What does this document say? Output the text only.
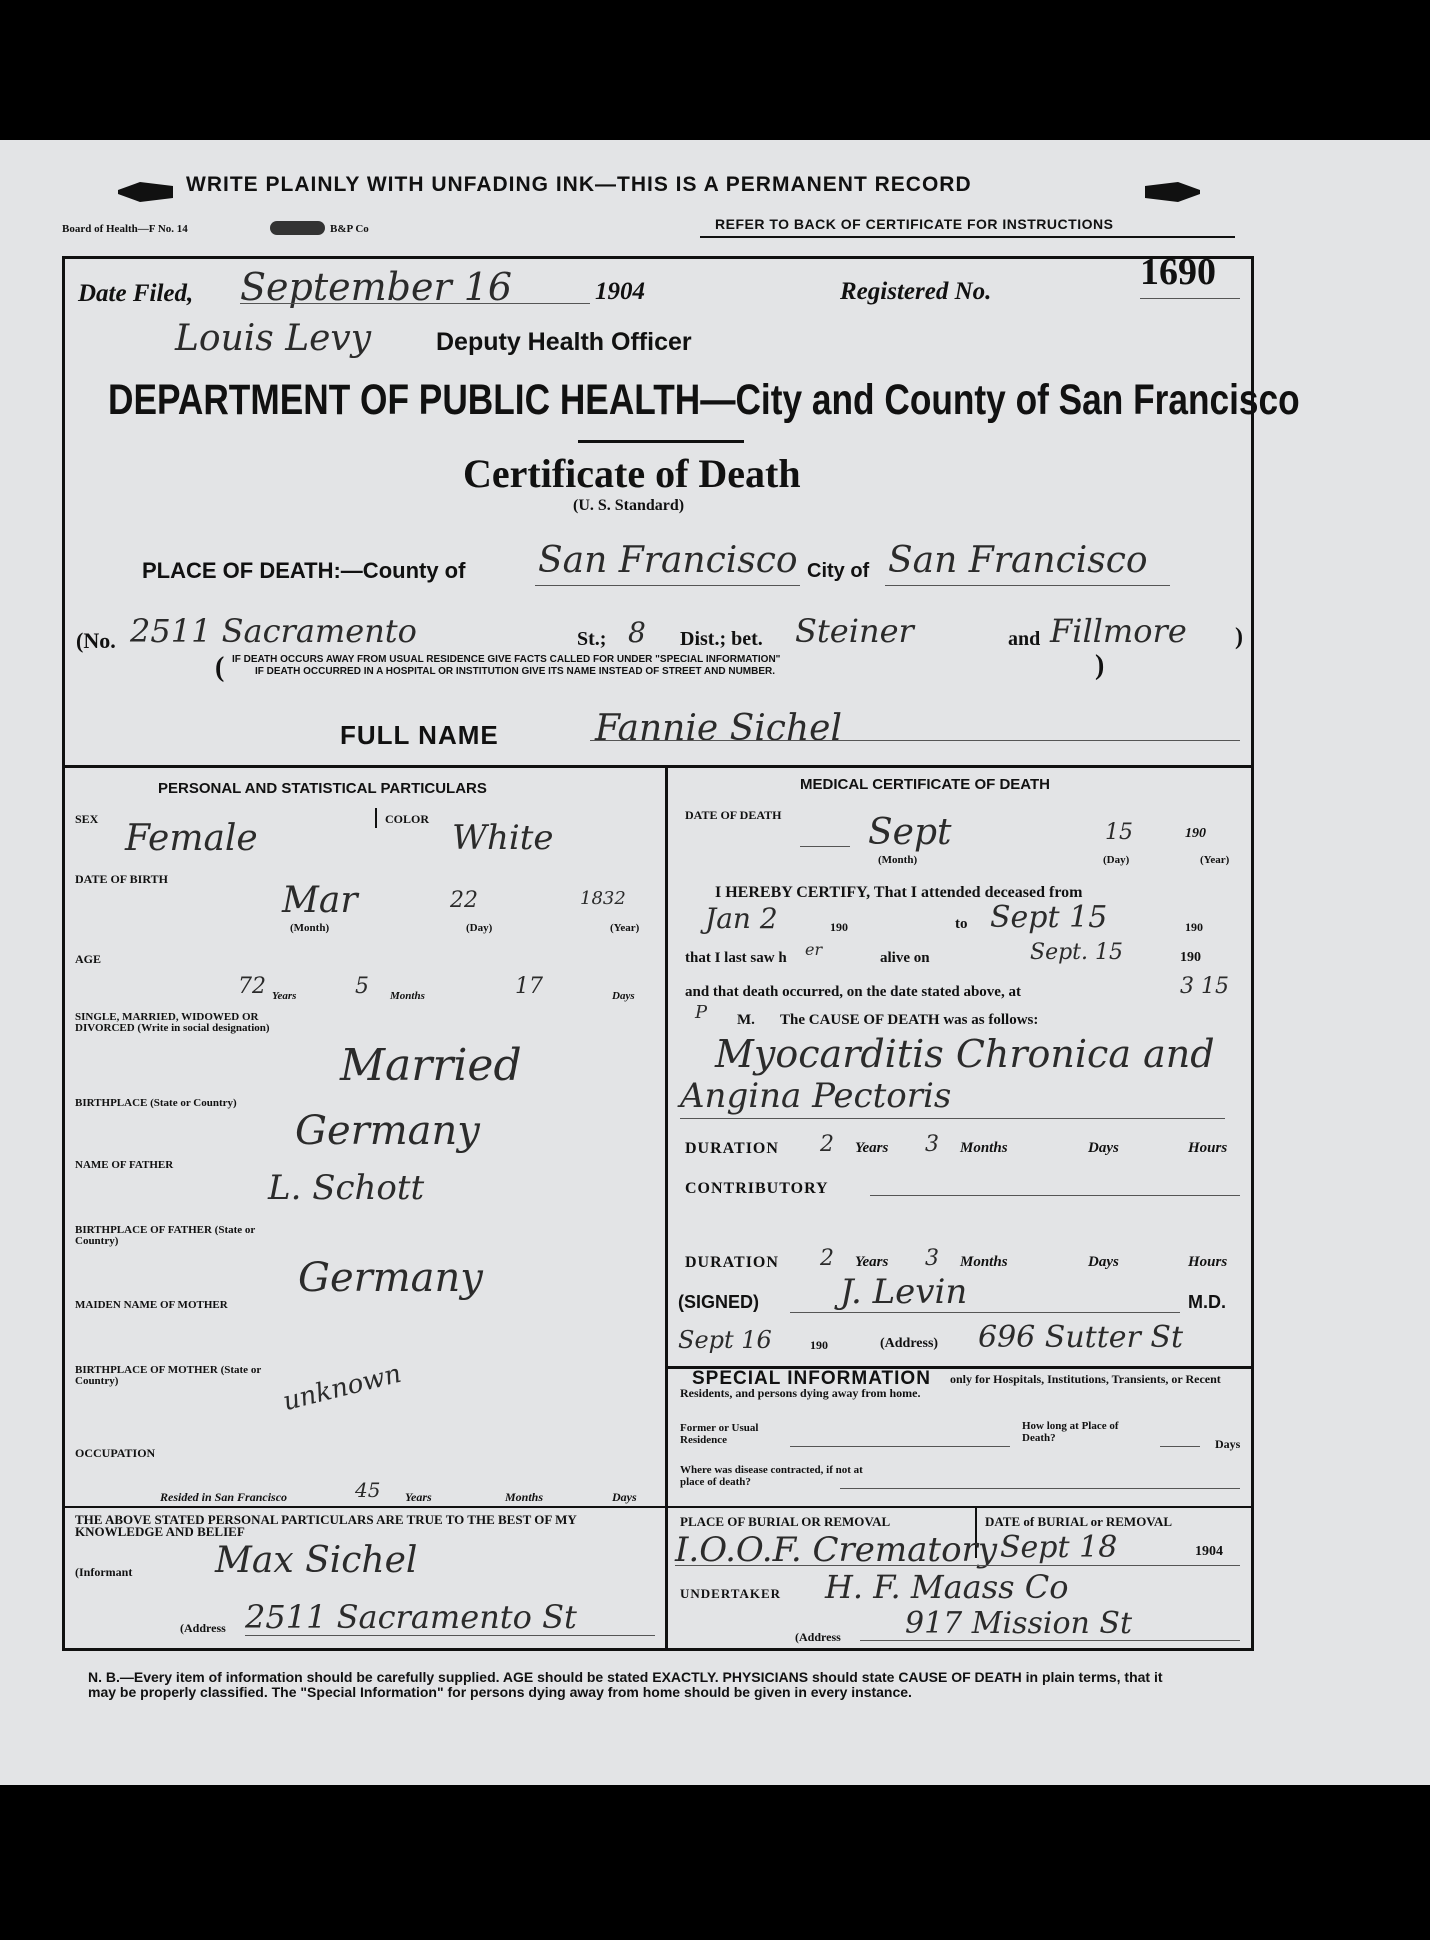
WRITE PLAINLY WITH UNFADING INK—THIS IS A PERMANENT RECORD
Board of Health—F No. 14	B&P Co	REFER TO BACK OF CERTIFICATE FOR INSTRUCTIONS
Date Filed, September 16	1904	Registered No.	1690
Louis Levy	Deputy Health Officer
DEPARTMENT OF PUBLIC HEALTH—City and County of San Francisco
Certificate of Death
(U. S. Standard)
PLACE OF DEATH:—County of San Francisco City of San Francisco
(No. 2511 Sacramento	St.; 8 Dist.; bet. Steiner	and Fillmore )
( IF DEATH OCCURS AWAY FROM USUAL RESIDENCE GIVE FACTS CALLED FOR UNDER "SPECIAL INFORMATION"
IF DEATH OCCURRED IN A HOSPITAL OR INSTITUTION GIVE ITS NAME INSTEAD OF STREET AND NUMBER.	)
FULL NAME	Fannie Sichel
PERSONAL AND STATISTICAL PARTICULARS
SEX Female	COLOR White
DATE OF BIRTH
Mar	22	1832
(Month)	(Day)	(Year)
AGE
72 Years	5 Months	17	Days
SINGLE, MARRIED, WIDOWED OR DIVORCED (Write in social designation)
Married
BIRTHPLACE (State or Country)
Germany
NAME OF FATHER
L. Schott
BIRTHPLACE OF FATHER (State or Country)
Germany
MAIDEN NAME OF MOTHER
BIRTHPLACE OF MOTHER (State or Country)	unknown
OCCUPATION
Resided in San Francisco	45 Years	Months	Days
THE ABOVE STATED PERSONAL PARTICULARS ARE TRUE TO THE BEST OF MY KNOWLEDGE AND BELIEF
(Informant Max Sichel
(Address 2511 Sacramento St
MEDICAL CERTIFICATE OF DEATH
DATE OF DEATH Sept	15	190
(Month)	(Day)	(Year)
I HEREBY CERTIFY, That I attended deceased from
Jan 2	190	to Sept 15	190
that I last saw h er	alive on	Sept. 15	190
and that death occurred, on the date stated above, at	3 15
P M. The CAUSE OF DEATH was as follows:
Myocarditis Chronica and
Angina Pectoris
DURATION 2 Years 3 Months	Days	Hours
CONTRIBUTORY
DURATION 2 Years 3 Months	Days	Hours
(SIGNED) J. Levin	M.D.
Sept 16	190	(Address) 696 Sutter St
SPECIAL INFORMATION	only for Hospitals, Institutions, Transients, or Recent Residents, and persons dying away from home.
Former or Usual Residence
How long at Place of Death?	Days
Where was disease contracted, if not at place of death?
PLACE OF BURIAL OR REMOVAL
I.O.O.F. Crematory
DATE of BURIAL or REMOVAL
Sept 18	1904
UNDERTAKER H. F. Maass Co
(Address 917 Mission St
N. B.—Every item of information should be carefully supplied. AGE should be stated EXACTLY. PHYSICIANS should state CAUSE OF DEATH in plain terms, that it may be properly classified. The "Special Information" for persons dying away from home should be given in every instance.
